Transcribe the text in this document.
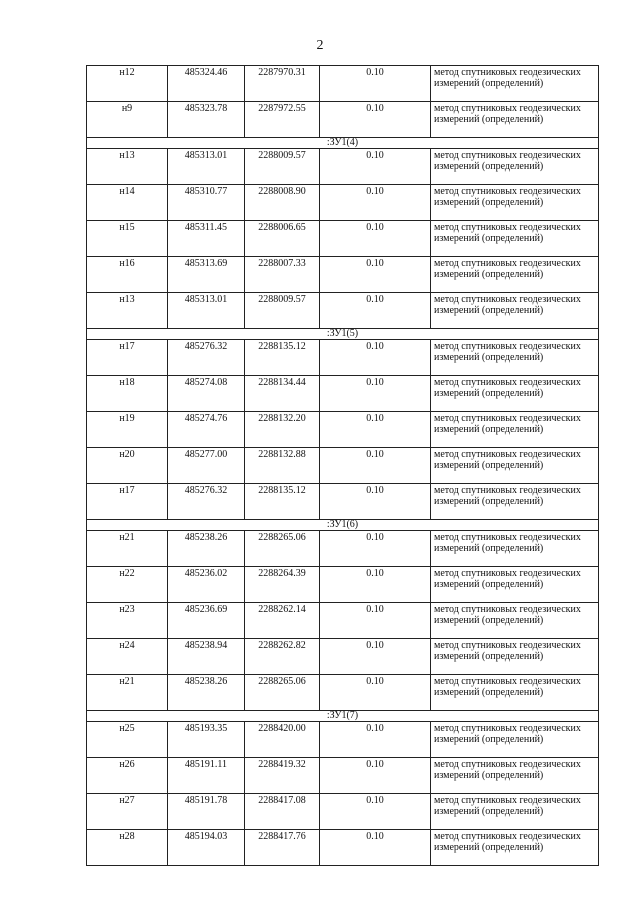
2
н12	485324.46	2287970.31	0.10	метод спутниковых геодезических измерений (определений)
н9	485323.78	2287972.55	0.10	метод спутниковых геодезических измерений (определений)
:ЗУ1(4)				
н13	485313.01	2288009.57	0.10	метод спутниковых геодезических измерений (определений)
н14	485310.77	2288008.90	0.10	метод спутниковых геодезических измерений (определений)
н15	485311.45	2288006.65	0.10	метод спутниковых геодезических измерений (определений)
н16	485313.69	2288007.33	0.10	метод спутниковых геодезических измерений (определений)
н13	485313.01	2288009.57	0.10	метод спутниковых геодезических измерений (определений)
:ЗУ1(5)				
н17	485276.32	2288135.12	0.10	метод спутниковых геодезических измерений (определений)
н18	485274.08	2288134.44	0.10	метод спутниковых геодезических измерений (определений)
н19	485274.76	2288132.20	0.10	метод спутниковых геодезических измерений (определений)
н20	485277.00	2288132.88	0.10	метод спутниковых геодезических измерений (определений)
н17	485276.32	2288135.12	0.10	метод спутниковых геодезических измерений (определений)
:ЗУ1(6)				
н21	485238.26	2288265.06	0.10	метод спутниковых геодезических измерений (определений)
н22	485236.02	2288264.39	0.10	метод спутниковых геодезических измерений (определений)
н23	485236.69	2288262.14	0.10	метод спутниковых геодезических измерений (определений)
н24	485238.94	2288262.82	0.10	метод спутниковых геодезических измерений (определений)
н21	485238.26	2288265.06	0.10	метод спутниковых геодезических измерений (определений)
:ЗУ1(7)				
н25	485193.35	2288420.00	0.10	метод спутниковых геодезических измерений (определений)
н26	485191.11	2288419.32	0.10	метод спутниковых геодезических измерений (определений)
н27	485191.78	2288417.08	0.10	метод спутниковых геодезических измерений (определений)
н28	485194.03	2288417.76	0.10	метод спутниковых геодезических измерений (определений)
